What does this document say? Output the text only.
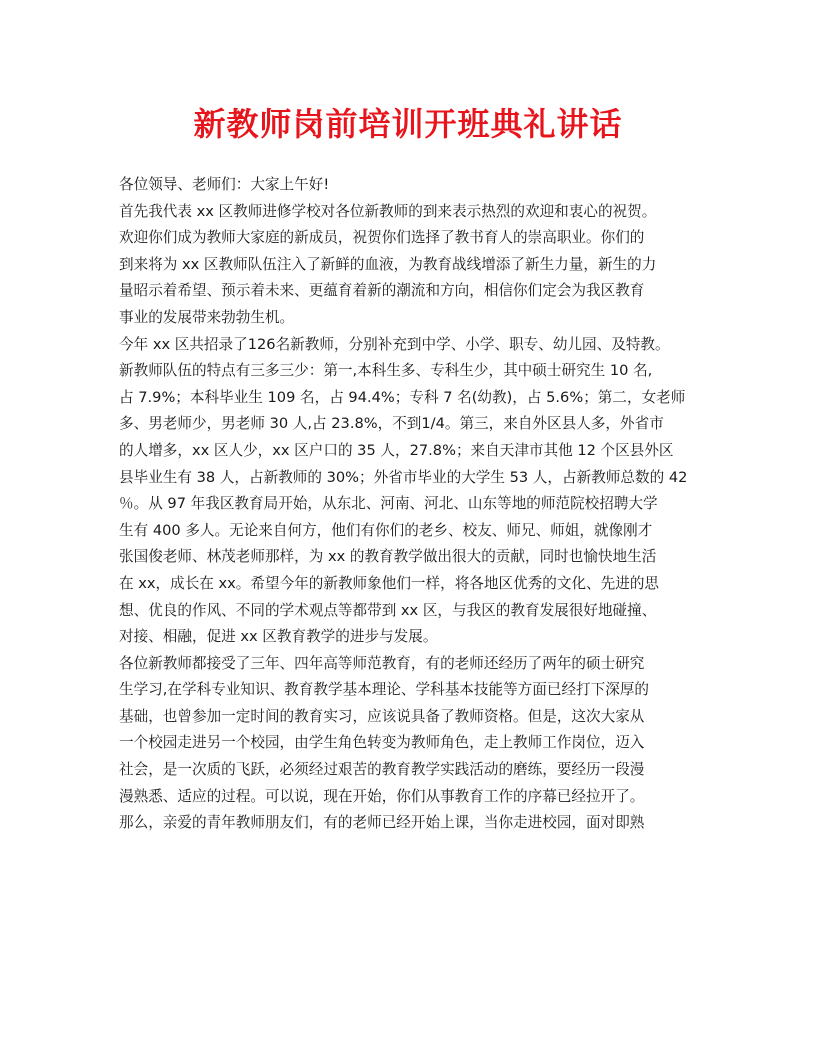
新教师岗前培训开班典礼讲话
各位领导、老师们：大家上午好!
首先我代表 xx 区教师进修学校对各位新教师的到来表示热烈的欢迎和衷心的祝贺。
欢迎你们成为教师大家庭的新成员，祝贺你们选择了教书育人的崇高职业。你们的
到来将为 xx 区教师队伍注入了新鲜的血液，为教育战线增添了新生力量，新生的力
量昭示着希望、预示着未来、更蕴育着新的潮流和方向，相信你们定会为我区教育
事业的发展带来勃勃生机。
今年 xx 区共招录了126名新教师，分别补充到中学、小学、职专、幼儿园、及特教。
新教师队伍的特点有三多三少：第一,本科生多、专科生少，其中硕士研究生 10 名,
占 7.9%；本科毕业生 109 名，占 94.4%；专科 7 名(幼教)，占 5.6%；第二，女老师
多、男老师少，男老师 30 人,占 23.8%，不到1/4。第三，来自外区县人多，外省市
的人增多，xx 区人少，xx 区户口的 35 人，27.8%；来自天津市其他 12 个区县外区
县毕业生有 38 人，占新教师的 30%；外省市毕业的大学生 53 人，占新教师总数的 42
％。从 97 年我区教育局开始，从东北、河南、河北、山东等地的师范院校招聘大学
生有 400 多人。无论来自何方，他们有你们的老乡、校友、师兄、师姐，就像刚才
张国俊老师、林茂老师那样，为 xx 的教育教学做出很大的贡献，同时也愉快地生活
在 xx，成长在 xx。希望今年的新教师象他们一样，将各地区优秀的文化、先进的思
想、优良的作风、不同的学术观点等都带到 xx 区，与我区的教育发展很好地碰撞、
对接、相融，促进 xx 区教育教学的进步与发展。
各位新教师都接受了三年、四年高等师范教育，有的老师还经历了两年的硕士研究
生学习,在学科专业知识、教育教学基本理论、学科基本技能等方面已经打下深厚的
基础，也曾参加一定时间的教育实习，应该说具备了教师资格。但是，这次大家从
一个校园走进另一个校园，由学生角色转变为教师角色，走上教师工作岗位，迈入
社会，是一次质的飞跃，必须经过艰苦的教育教学实践活动的磨练，要经历一段漫
漫熟悉、适应的过程。可以说，现在开始，你们从事教育工作的序幕已经拉开了。
那么，亲爱的青年教师朋友们，有的老师已经开始上课，当你走进校园，面对即熟
